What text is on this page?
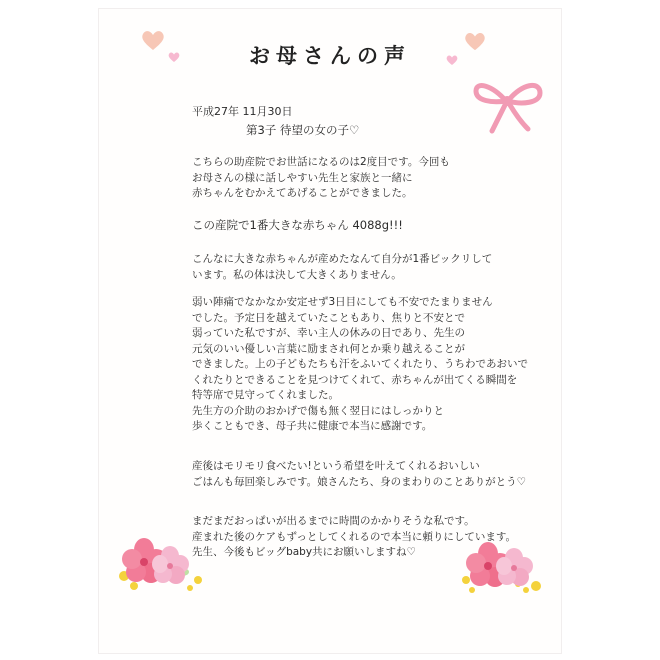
お母さんの声
平成27年 11月30日
第3子 待望の女の子♡
こちらの助産院でお世話になるのは2度目です。今回も
お母さんの様に話しやすい先生と家族と一緒に
赤ちゃんをむかえてあげることができました。
この産院で1番大きな赤ちゃん 4088g!!!
こんなに大きな赤ちゃんが産めたなんて自分が1番ビックリして
います。私の体は決して大きくありません。
弱い陣痛でなかなか安定せず3日目にしても不安でたまりません
でした。予定日を越えていたこともあり、焦りと不安とで
弱っていた私ですが、幸い主人の休みの日であり、先生の
元気のいい優しい言葉に励まされ何とか乗り越えることが
できました。上の子どもたちも汗をふいてくれたり、うちわであおいで
くれたりとできることを見つけてくれて、赤ちゃんが出てくる瞬間を
特等席で見守ってくれました。
先生方の介助のおかげで傷も無く翌日にはしっかりと
歩くこともでき、母子共に健康で本当に感謝です。
産後はモリモリ食べたい!という希望を叶えてくれるおいしい
ごはんも毎回楽しみです。娘さんたち、身のまわりのことありがとう♡
まだまだおっぱいが出るまでに時間のかかりそうな私です。
産まれた後のケアもずっとしてくれるので本当に頼りにしています。
先生、今後もビッグbaby共にお願いしますね♡
